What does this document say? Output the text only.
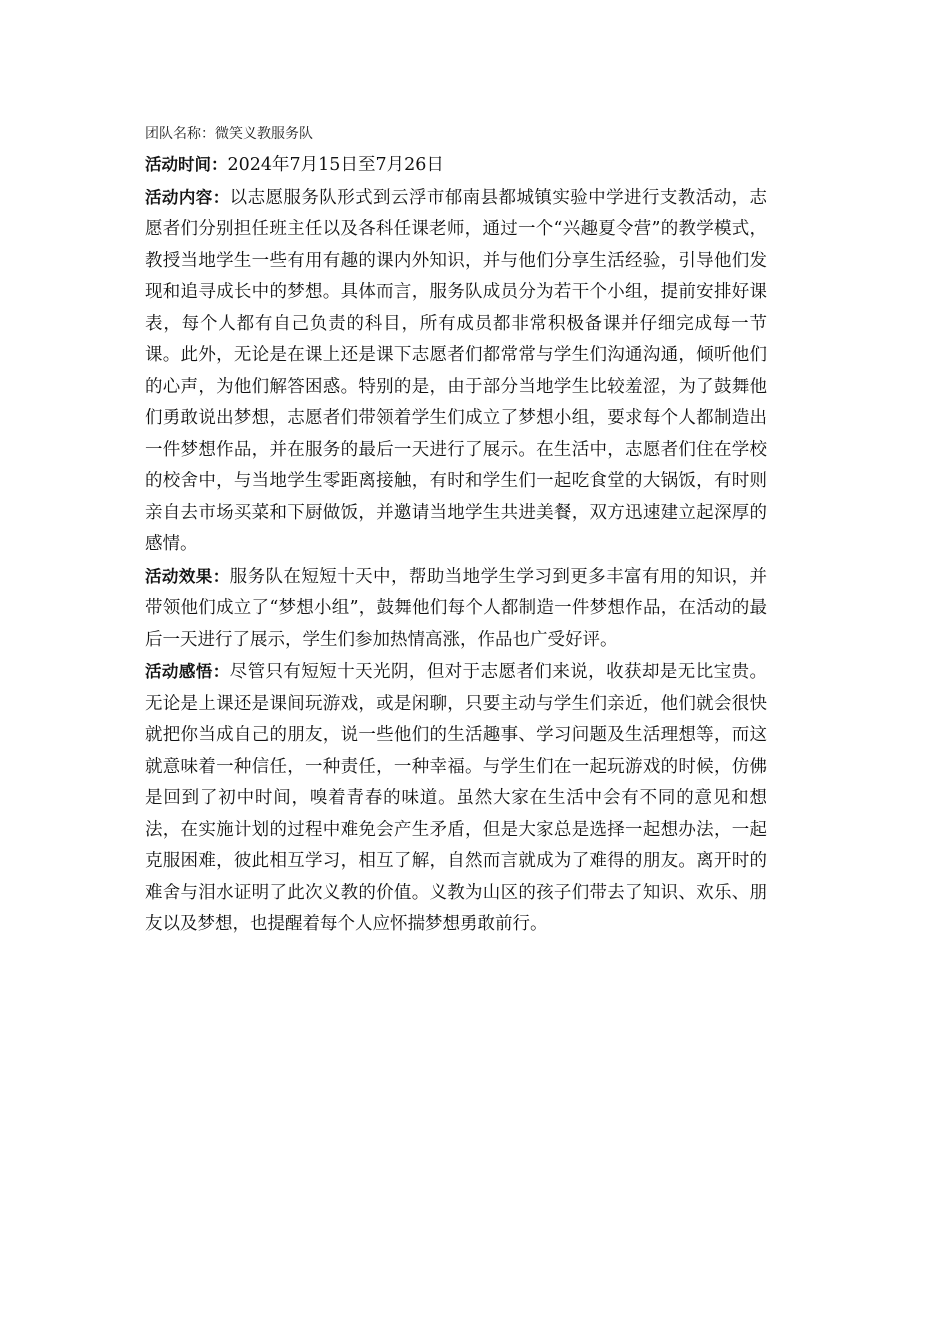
团队名称：微笑义教服务队

活动时间：2024年7月15日至7月26日

活动内容：以志愿服务队形式到云浮市郁南县都城镇实验中学进行支教活动，志愿者们分别担任班主任以及各科任课老师，通过一个“兴趣夏令营”的教学模式，教授当地学生一些有用有趣的课内外知识，并与他们分享生活经验，引导他们发现和追寻成长中的梦想。具体而言，服务队成员分为若干个小组，提前安排好课表，每个人都有自己负责的科目，所有成员都非常积极备课并仔细完成每一节课。此外，无论是在课上还是课下志愿者们都常常与学生们沟通沟通，倾听他们的心声，为他们解答困惑。特别的是，由于部分当地学生比较羞涩，为了鼓舞他们勇敢说出梦想，志愿者们带领着学生们成立了梦想小组，要求每个人都制造出一件梦想作品，并在服务的最后一天进行了展示。在生活中，志愿者们住在学校的校舍中，与当地学生零距离接触，有时和学生们一起吃食堂的大锅饭，有时则亲自去市场买菜和下厨做饭，并邀请当地学生共进美餐，双方迅速建立起深厚的感情。

活动效果：服务队在短短十天中，帮助当地学生学习到更多丰富有用的知识，并带领他们成立了“梦想小组”，鼓舞他们每个人都制造一件梦想作品，在活动的最后一天进行了展示，学生们参加热情高涨，作品也广受好评。

活动感悟：尽管只有短短十天光阴，但对于志愿者们来说，收获却是无比宝贵。无论是上课还是课间玩游戏，或是闲聊，只要主动与学生们亲近，他们就会很快就把你当成自己的朋友，说一些他们的生活趣事、学习问题及生活理想等，而这就意味着一种信任，一种责任，一种幸福。与学生们在一起玩游戏的时候，仿佛是回到了初中时间，嗅着青春的味道。虽然大家在生活中会有不同的意见和想法，在实施计划的过程中难免会产生矛盾，但是大家总是选择一起想办法，一起克服困难，彼此相互学习，相互了解，自然而言就成为了难得的朋友。离开时的难舍与泪水证明了此次义教的价值。义教为山区的孩子们带去了知识、欢乐、朋友以及梦想，也提醒着每个人应怀揣梦想勇敢前行。
